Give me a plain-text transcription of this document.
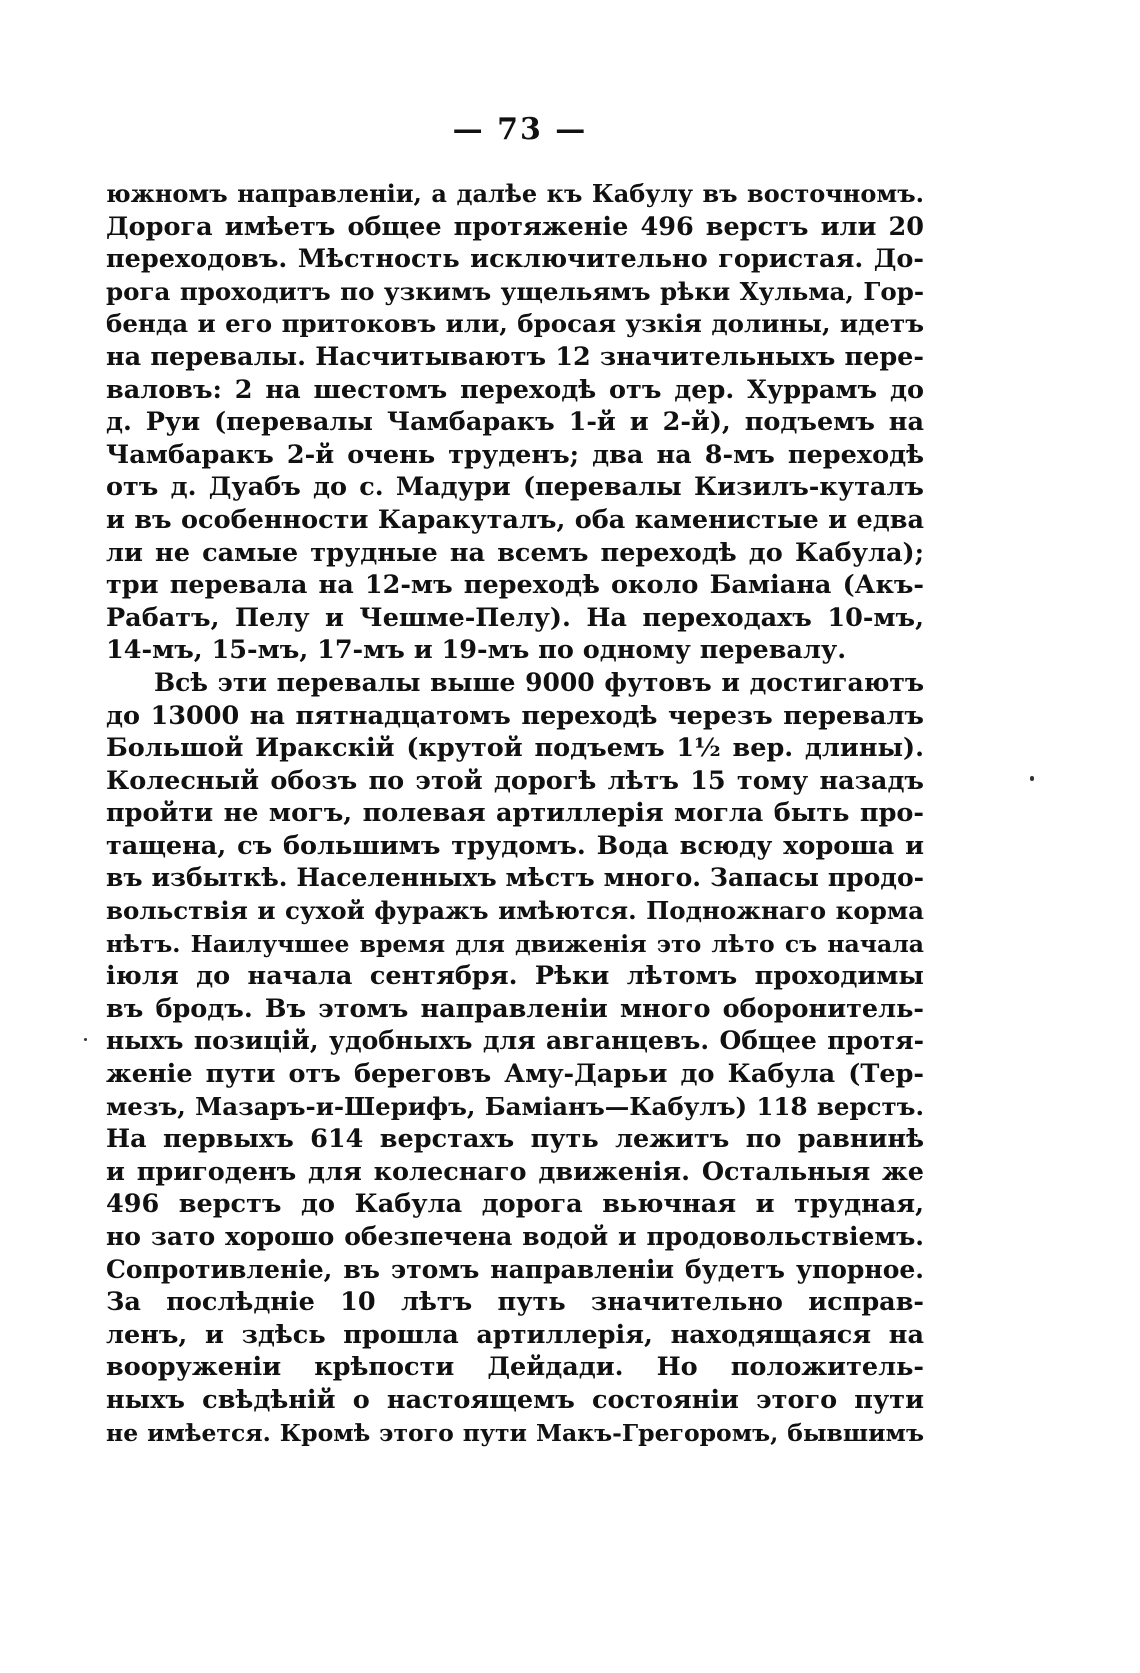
— 73 —
южномъ направленіи, а далѣе къ Кабулу въ восточномъ.
Дорога имѣетъ общее протяженіе 496 верстъ или 20
переходовъ. Мѣстность исключительно гористая. До-
рога проходитъ по узкимъ ущельямъ рѣки Хульма, Гор-
бенда и его притоковъ или, бросая узкія долины, идетъ
на перевалы. Насчитываютъ 12 значительныхъ пере-
валовъ: 2 на шестомъ переходѣ отъ дер. Хуррамъ до
д. Руи (перевалы Чамбаракъ 1-й и 2-й), подъемъ на
Чамбаракъ 2-й очень труденъ; два на 8-мъ переходѣ
отъ д. Дуабъ до с. Мадури (перевалы Кизилъ-куталъ
и въ особенности Каракуталъ, оба каменистые и едва
ли не самые трудные на всемъ переходѣ до Кабула);
три перевала на 12-мъ переходѣ около Баміана (Акъ-
Рабатъ, Пелу и Чешме-Пелу). На переходахъ 10-мъ,
14-мъ, 15-мъ, 17-мъ и 19-мъ по одному перевалу.
Всѣ эти перевалы выше 9000 футовъ и достигаютъ
до 13000 на пятнадцатомъ переходѣ черезъ перевалъ
Большой Иракскій (крутой подъемъ 1½ вер. длины).
Колесный обозъ по этой дорогѣ лѣтъ 15 тому назадъ
пройти не могъ, полевая артиллерія могла быть про-
тащена, съ большимъ трудомъ. Вода всюду хороша и
въ избыткѣ. Населенныхъ мѣстъ много. Запасы продо-
вольствія и сухой фуражъ имѣются. Подножнаго корма
нѣтъ. Наилучшее время для движенія это лѣто съ начала
іюля до начала сентября. Рѣки лѣтомъ проходимы
въ бродъ. Въ этомъ направленіи много оборонитель-
ныхъ позицій, удобныхъ для авганцевъ. Общее протя-
женіе пути отъ береговъ Аму-Дарьи до Кабула (Тер-
мезъ, Мазаръ-и-Шерифъ, Баміанъ—Кабулъ) 118 верстъ.
На первыхъ 614 верстахъ путь лежитъ по равнинѣ
и пригоденъ для колеснаго движенія. Остальныя же
496 верстъ до Кабула дорога вьючная и трудная,
но зато хорошо обезпечена водой и продовольствіемъ.
Сопротивленіе, въ этомъ направленіи будетъ упорное.
За послѣдніе 10 лѣтъ путь значительно исправ-
ленъ, и здѣсь прошла артиллерія, находящаяся на
вооруженіи крѣпости Дейдади. Но положитель-
ныхъ свѣдѣній о настоящемъ состояніи этого пути
не имѣется. Кромѣ этого пути Макъ-Грегоромъ, бывшимъ
